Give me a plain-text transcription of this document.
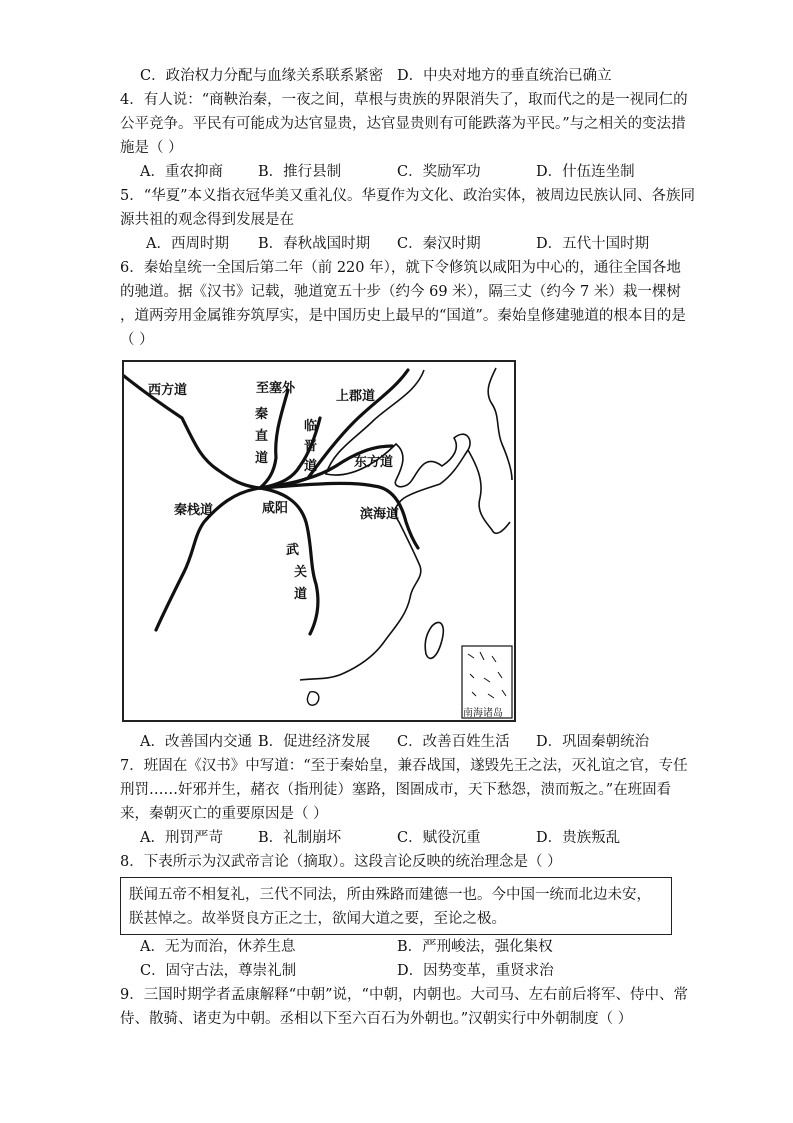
C．政治权力分配与血缘关系联系紧密 D．中央对地方的垂直统治已确立
4．有人说：“商鞅治秦，一夜之间，草根与贵族的界限消失了，取而代之的是一视同仁的
公平竞争。平民有可能成为达官显贵，达官显贵则有可能跌落为平民。”与之相关的变法措
施是（ ）
A．重农抑商 B．推行县制	C．奖励军功	D．什伍连坐制
5．“华夏”本义指衣冠华美又重礼仪。华夏作为文化、政治实体，被周边民族认同、各族同
源共祖的观念得到发展是在
A．西周时期 B．春秋战国时期 C．秦汉时期	D．五代十国时期
6．秦始皇统一全国后第二年（前 220 年），就下令修筑以咸阳为中心的，通往全国各地
的驰道。据《汉书》记载，驰道宽五十步（约今 69 米），隔三丈（约今 7 米）栽一棵树
，道两旁用金属锥夯筑厚实，是中国历史上最早的“国道”。秦始皇修建驰道的根本目的是
（ ）
西方道	至塞外
秦
直
道
临
晋
道
上郡道
东方道
秦栈道	咸阳	滨海道
武
关
道
南海诸岛
A．改善国内交通 B．促进经济发展 C．改善百姓生活 D．巩固秦朝统治
7．班固在《汉书》中写道：“至于秦始皇，兼吞战国，遂毁先王之法，灭礼谊之官，专任
刑罚……奸邪并生，赭衣（指刑徒）塞路，图圄成市，天下愁怨，溃而叛之。”在班固看
来，秦朝灭亡的重要原因是（ ）
A．刑罚严苛 B．礼制崩坏	C．赋役沉重	D．贵族叛乱
8．下表所示为汉武帝言论（摘取）。这段言论反映的统治理念是（ ）
朕闻五帝不相复礼，三代不同法，所由殊路而建德一也。今中国一统而北边未安，朕甚悼之。故举贤良方正之士，欲闻大道之要，至论之极。
A．无为而治，休养生息	B．严刑峻法，强化集权
C．固守古法，尊崇礼制	D．因势变革，重贤求治
9．三国时期学者孟康解释“中朝”说，“中朝，内朝也。大司马、左右前后将军、侍中、常
侍、散骑、诸吏为中朝。丞相以下至六百石为外朝也。”汉朝实行中外朝制度（ ）
